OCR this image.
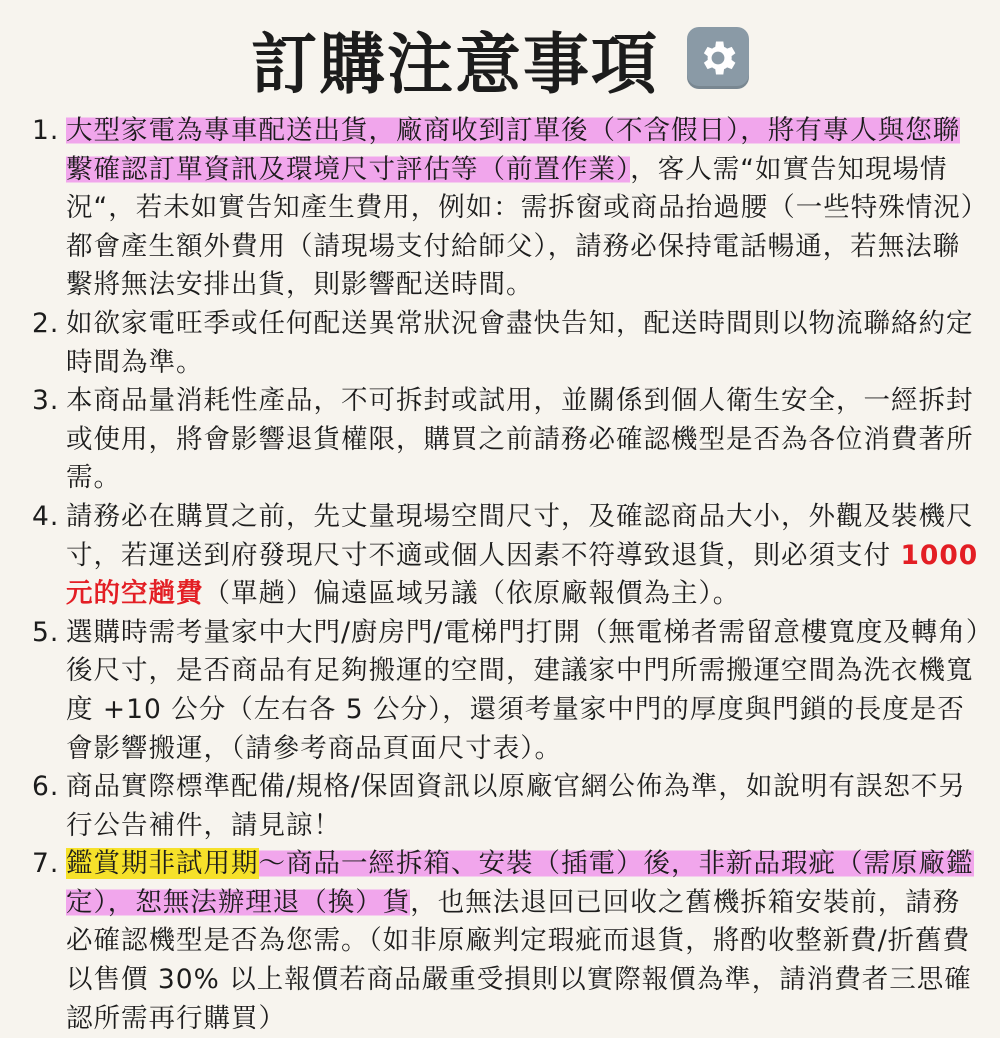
訂購注意事項
1. 大型家電為專車配送出貨，廠商收到訂單後（不含假日），將有專人與您聯繫確認訂單資訊及環境尺寸評估等（前置作業），客人需“如實告知現場情況“，若未如實告知產生費用，例如：需拆窗或商品抬過腰（一些特殊情況）都會產生額外費用（請現場支付給師父），請務必保持電話暢通，若無法聯繫將無法安排出貨，則影響配送時間。
2. 如欲家電旺季或任何配送異常狀況會盡快告知，配送時間則以物流聯絡約定時間為準。
3. 本商品量消耗性產品，不可拆封或試用，並關係到個人衛生安全，一經拆封或使用，將會影響退貨權限，購買之前請務必確認機型是否為各位消費著所需。
4. 請務必在購買之前，先丈量現場空間尺寸，及確認商品大小，外觀及裝機尺寸，若運送到府發現尺寸不適或個人因素不符導致退貨，則必須支付 1000 元的空趟費（單趟）偏遠區域另議（依原廠報價為主）。
5. 選購時需考量家中大門/廚房門/電梯門打開（無電梯者需留意樓寬度及轉角）後尺寸，是否商品有足夠搬運的空間，建議家中門所需搬運空間為洗衣機寬度 +10 公分（左右各 5 公分），還須考量家中門的厚度與門鎖的長度是否會影響搬運，（請參考商品頁面尺寸表）。
6. 商品實際標準配備/規格/保固資訊以原廠官網公佈為準，如說明有誤恕不另行公告補件，請見諒！
7. 鑑賞期非試用期～商品一經拆箱、安裝（插電）後，非新品瑕疵（需原廠鑑定），恕無法辦理退（換）貨，也無法退回已回收之舊機拆箱安裝前，請務必確認機型是否為您需。（如非原廠判定瑕疵而退貨，將酌收整新費/折舊費以售價 30% 以上報價若商品嚴重受損則以實際報價為準，請消費者三思確認所需再行購買）
